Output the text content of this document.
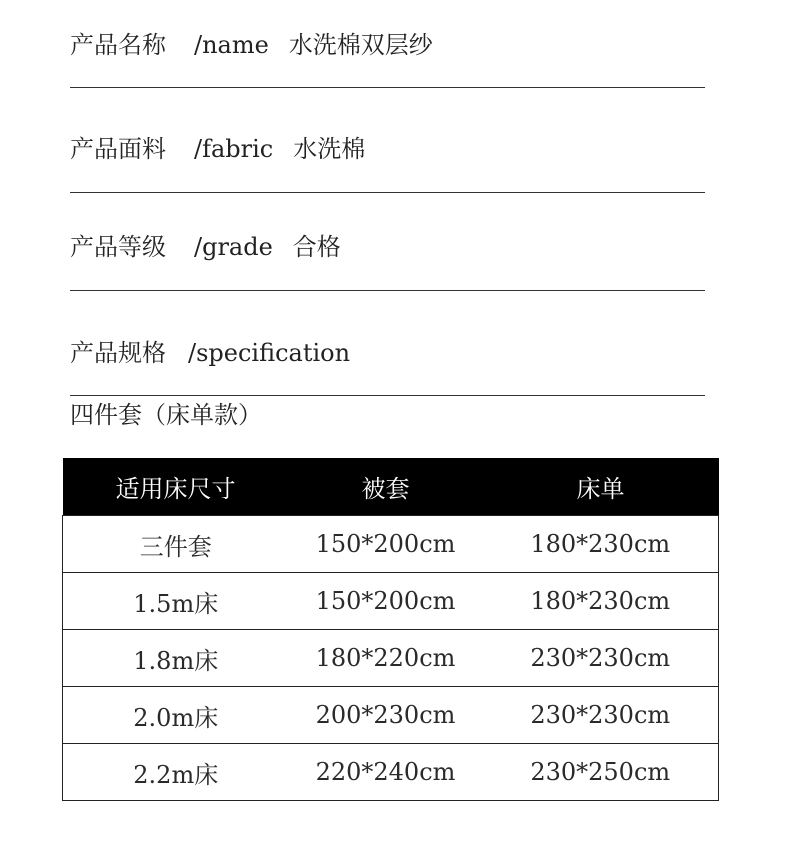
产品名称 /name 水洗棉双层纱
产品面料 /fabric 水洗棉
产品等级 /grade 合格
产品规格 /specification
四件套（床单款）
适用床尺寸	被套	床单
三件套	150*200cm	180*230cm
1.5m床	150*200cm	180*230cm
1.8m床	180*220cm	230*230cm
2.0m床	200*230cm	230*230cm
2.2m床	220*240cm	230*250cm
